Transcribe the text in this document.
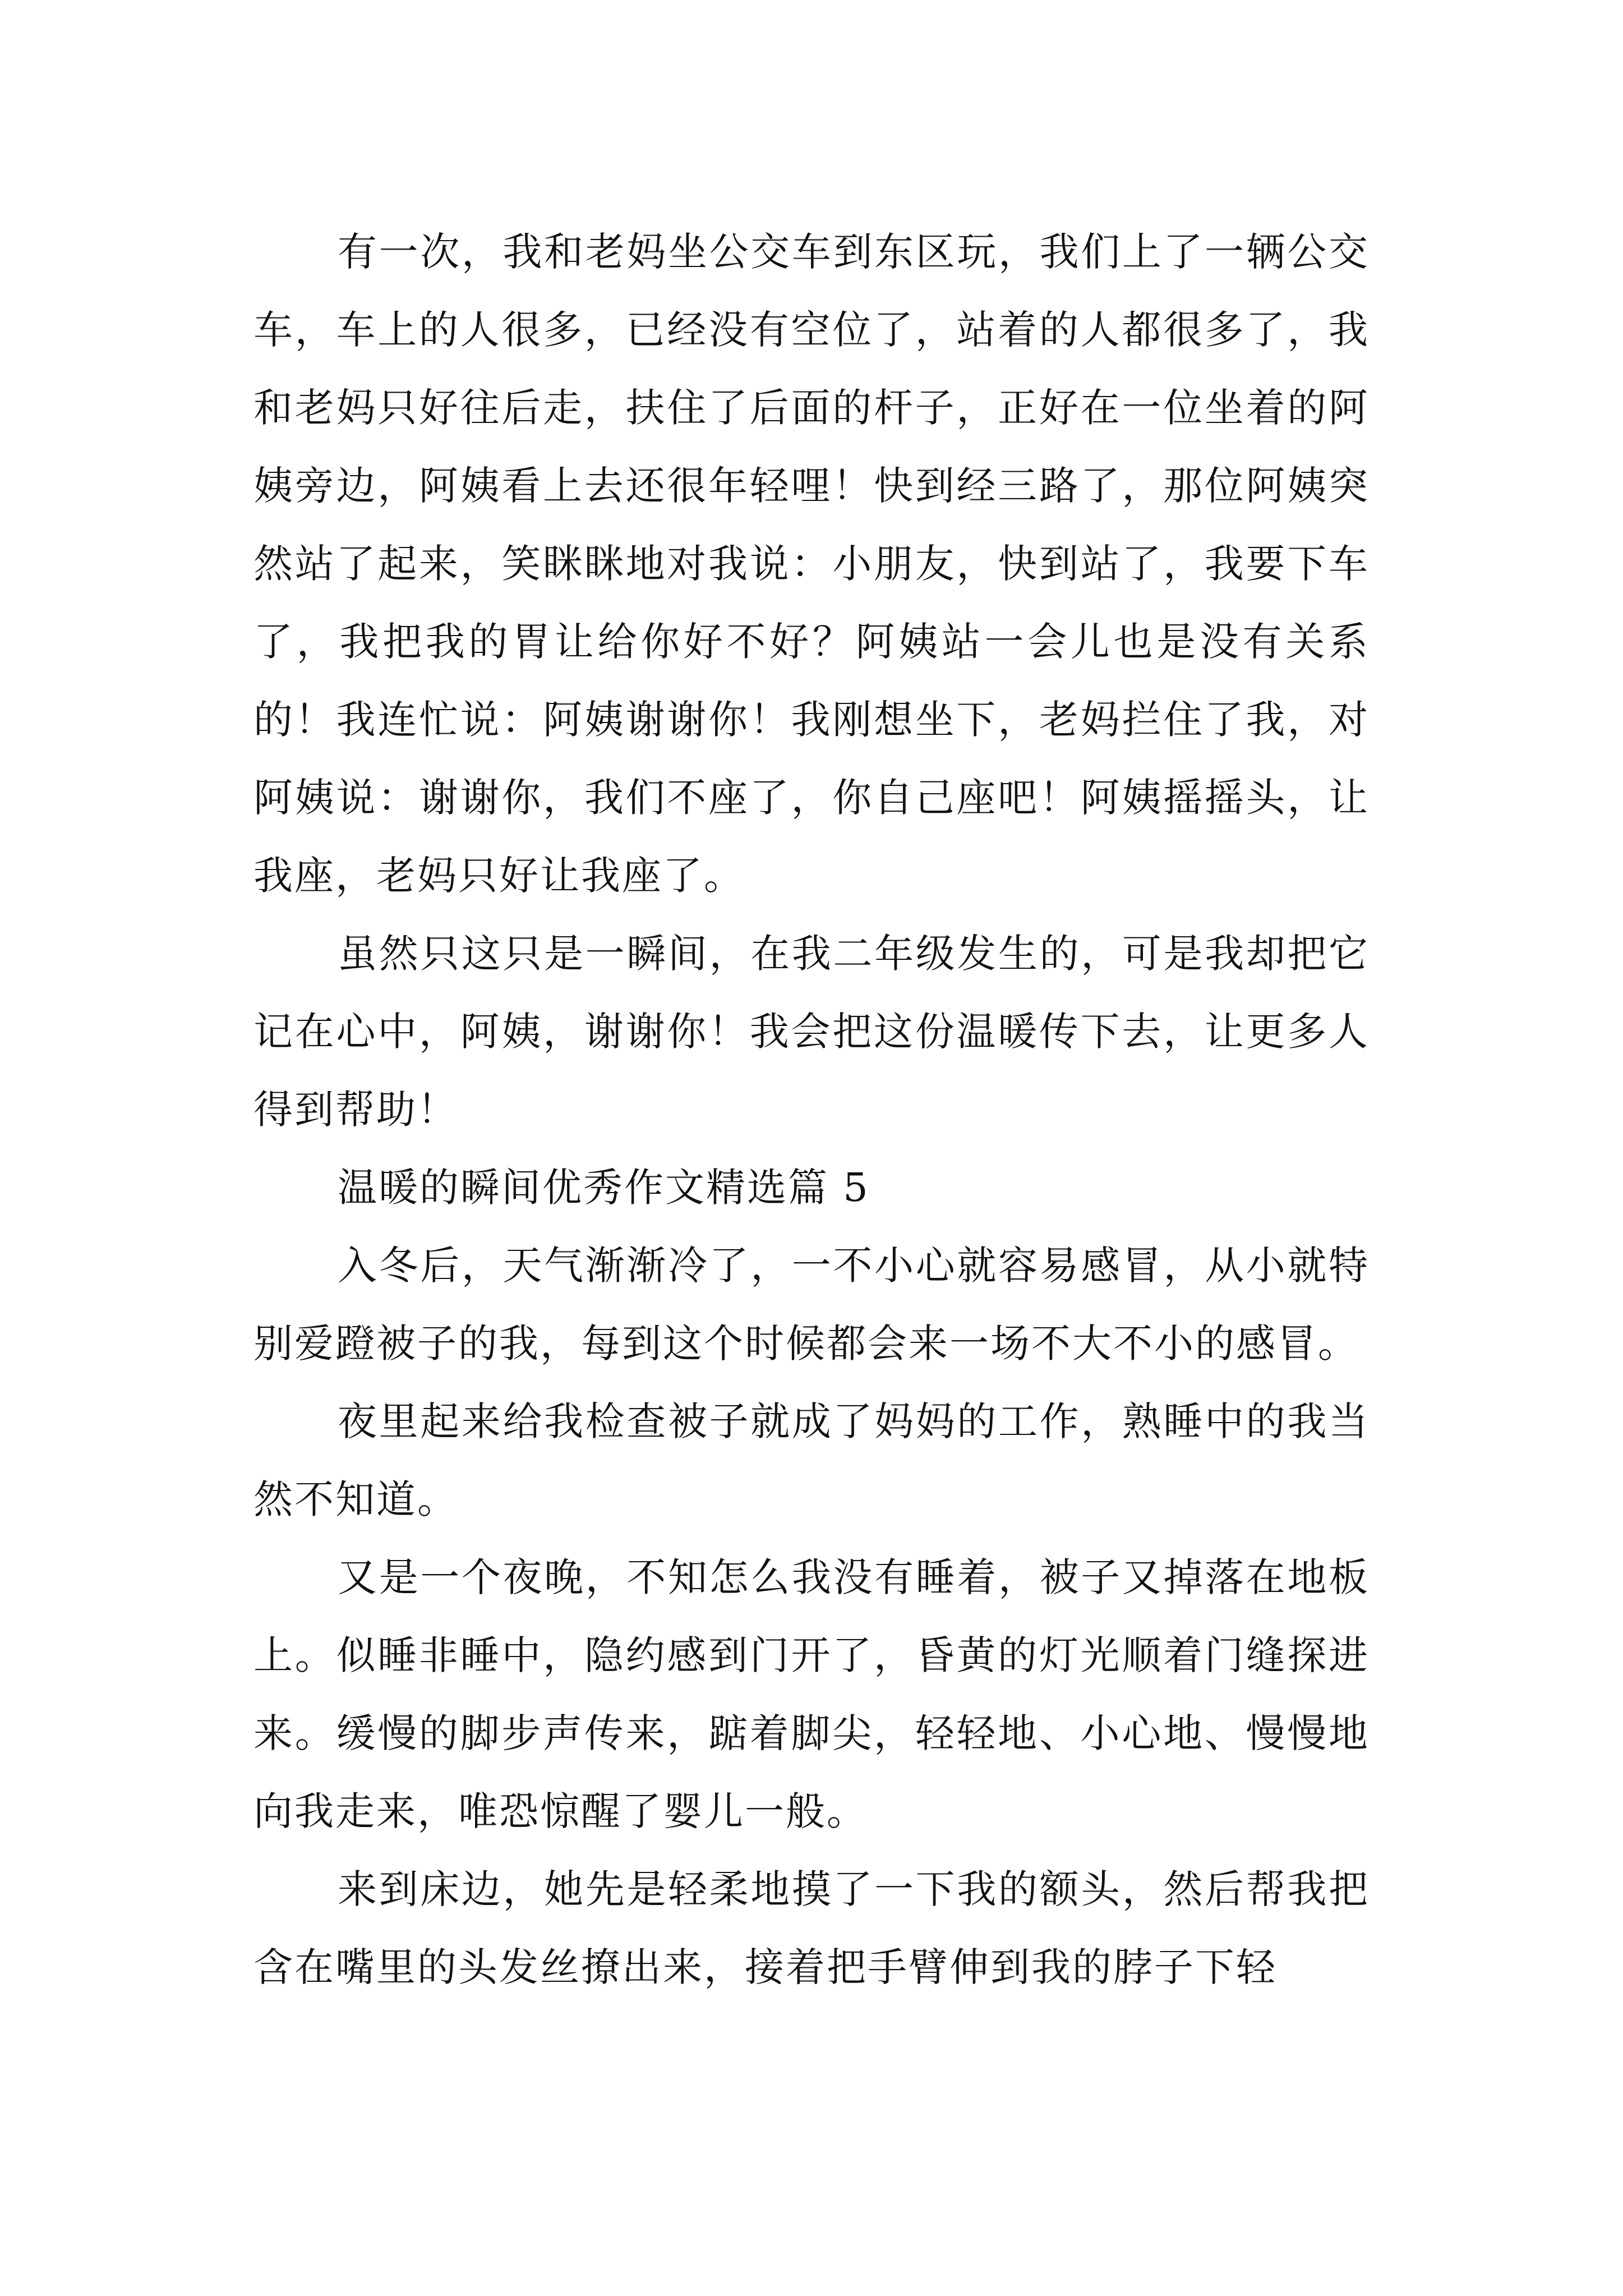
有一次，我和老妈坐公交车到东区玩，我们上了一辆公交车，车上的人很多，已经没有空位了，站着的人都很多了，我和老妈只好往后走，扶住了后面的杆子，正好在一位坐着的阿姨旁边，阿姨看上去还很年轻哩！快到经三路了，那位阿姨突然站了起来，笑眯眯地对我说：小朋友，快到站了，我要下车了，我把我的胃让给你好不好？阿姨站一会儿也是没有关系的！我连忙说：阿姨谢谢你！我刚想坐下，老妈拦住了我，对阿姨说：谢谢你，我们不座了，你自己座吧！阿姨摇摇头，让我座，老妈只好让我座了。

虽然只这只是一瞬间，在我二年级发生的，可是我却把它记在心中，阿姨，谢谢你！我会把这份温暖传下去，让更多人得到帮助！

温暖的瞬间优秀作文精选篇 5

入冬后，天气渐渐冷了，一不小心就容易感冒，从小就特别爱蹬被子的我，每到这个时候都会来一场不大不小的感冒。

夜里起来给我检查被子就成了妈妈的工作，熟睡中的我当然不知道。

又是一个夜晚，不知怎么我没有睡着，被子又掉落在地板上。似睡非睡中，隐约感到门开了，昏黄的灯光顺着门缝探进来。缓慢的脚步声传来，踮着脚尖，轻轻地、小心地、慢慢地向我走来，唯恐惊醒了婴儿一般。

来到床边，她先是轻柔地摸了一下我的额头，然后帮我把含在嘴里的头发丝撩出来，接着把手臂伸到我的脖子下轻
